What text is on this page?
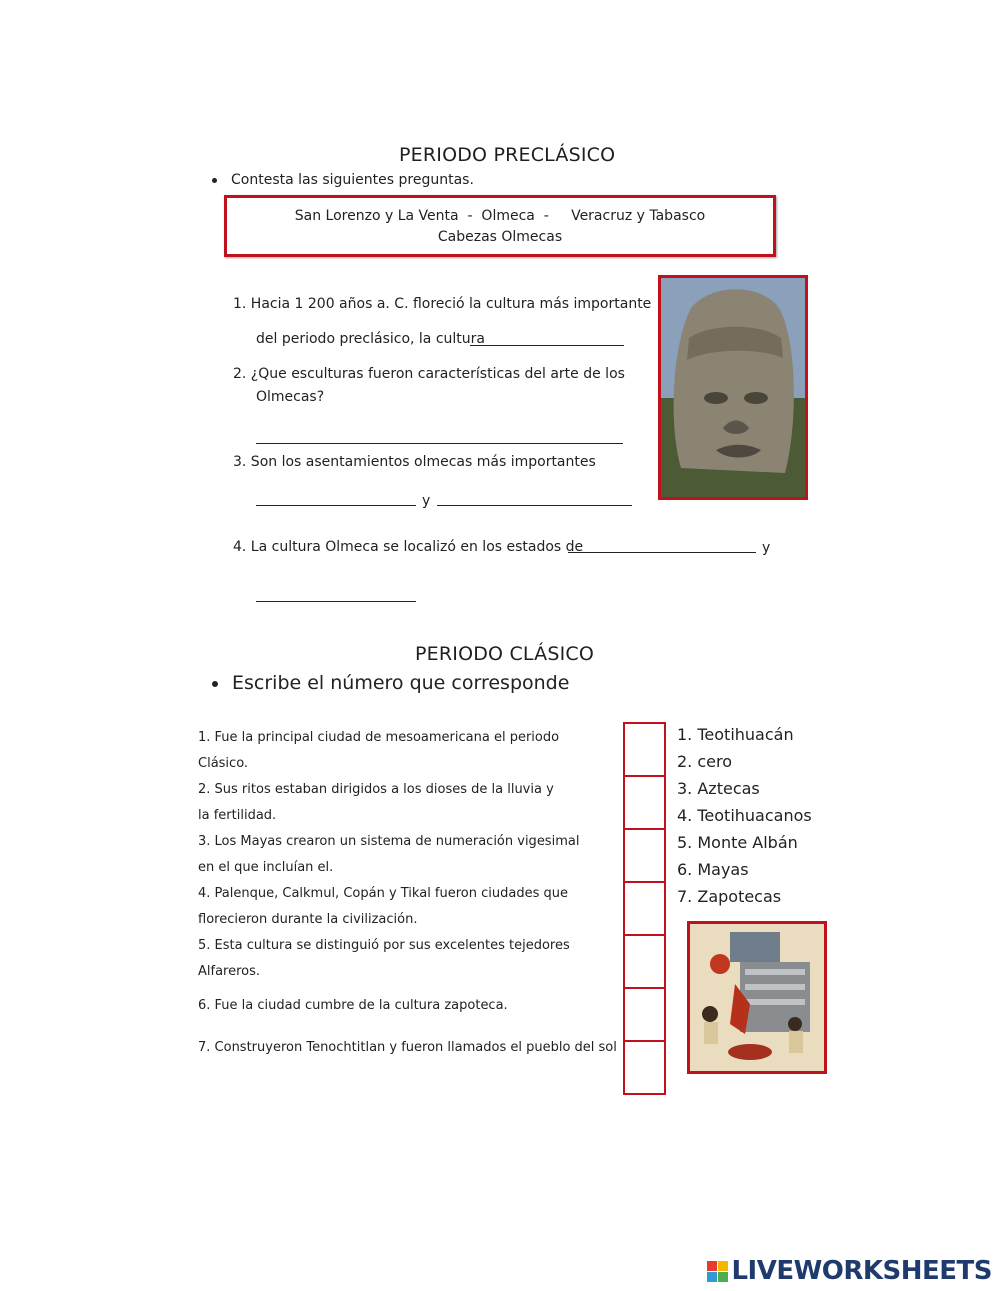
PERIODO PRECLÁSICO
Contesta las siguientes preguntas.
San Lorenzo y La Venta  -  Olmeca  -     Veracruz y Tabasco
Cabezas Olmecas
1. Hacia 1 200 años a. C. floreció la cultura más importante
del periodo preclásico, la cultura
2. ¿Que esculturas fueron características del arte de los
Olmecas?
3. Son los asentamientos olmecas más importantes
y
4. La cultura Olmeca se localizó en los estados de	y
PERIODO CLÁSICO
Escribe el número que corresponde
1. Fue la principal ciudad de mesoamericana el periodo
Clásico.
2. Sus ritos estaban dirigidos a los dioses de la lluvia y
la fertilidad.
3. Los Mayas crearon un sistema de numeración vigesimal
en el que incluían el.
4. Palenque, Calkmul, Copán y Tikal fueron ciudades que
florecieron durante la civilización.
5. Esta cultura se distinguió por sus excelentes tejedores
Alfareros.
6. Fue la ciudad cumbre de la cultura zapoteca.
7. Construyeron Tenochtitlan y fueron llamados el pueblo del sol
1. Teotihuacán
2. cero
3. Aztecas
4. Teotihuacanos
5. Monte Albán
6. Mayas
7. Zapotecas
LIVEWORKSHEETS
